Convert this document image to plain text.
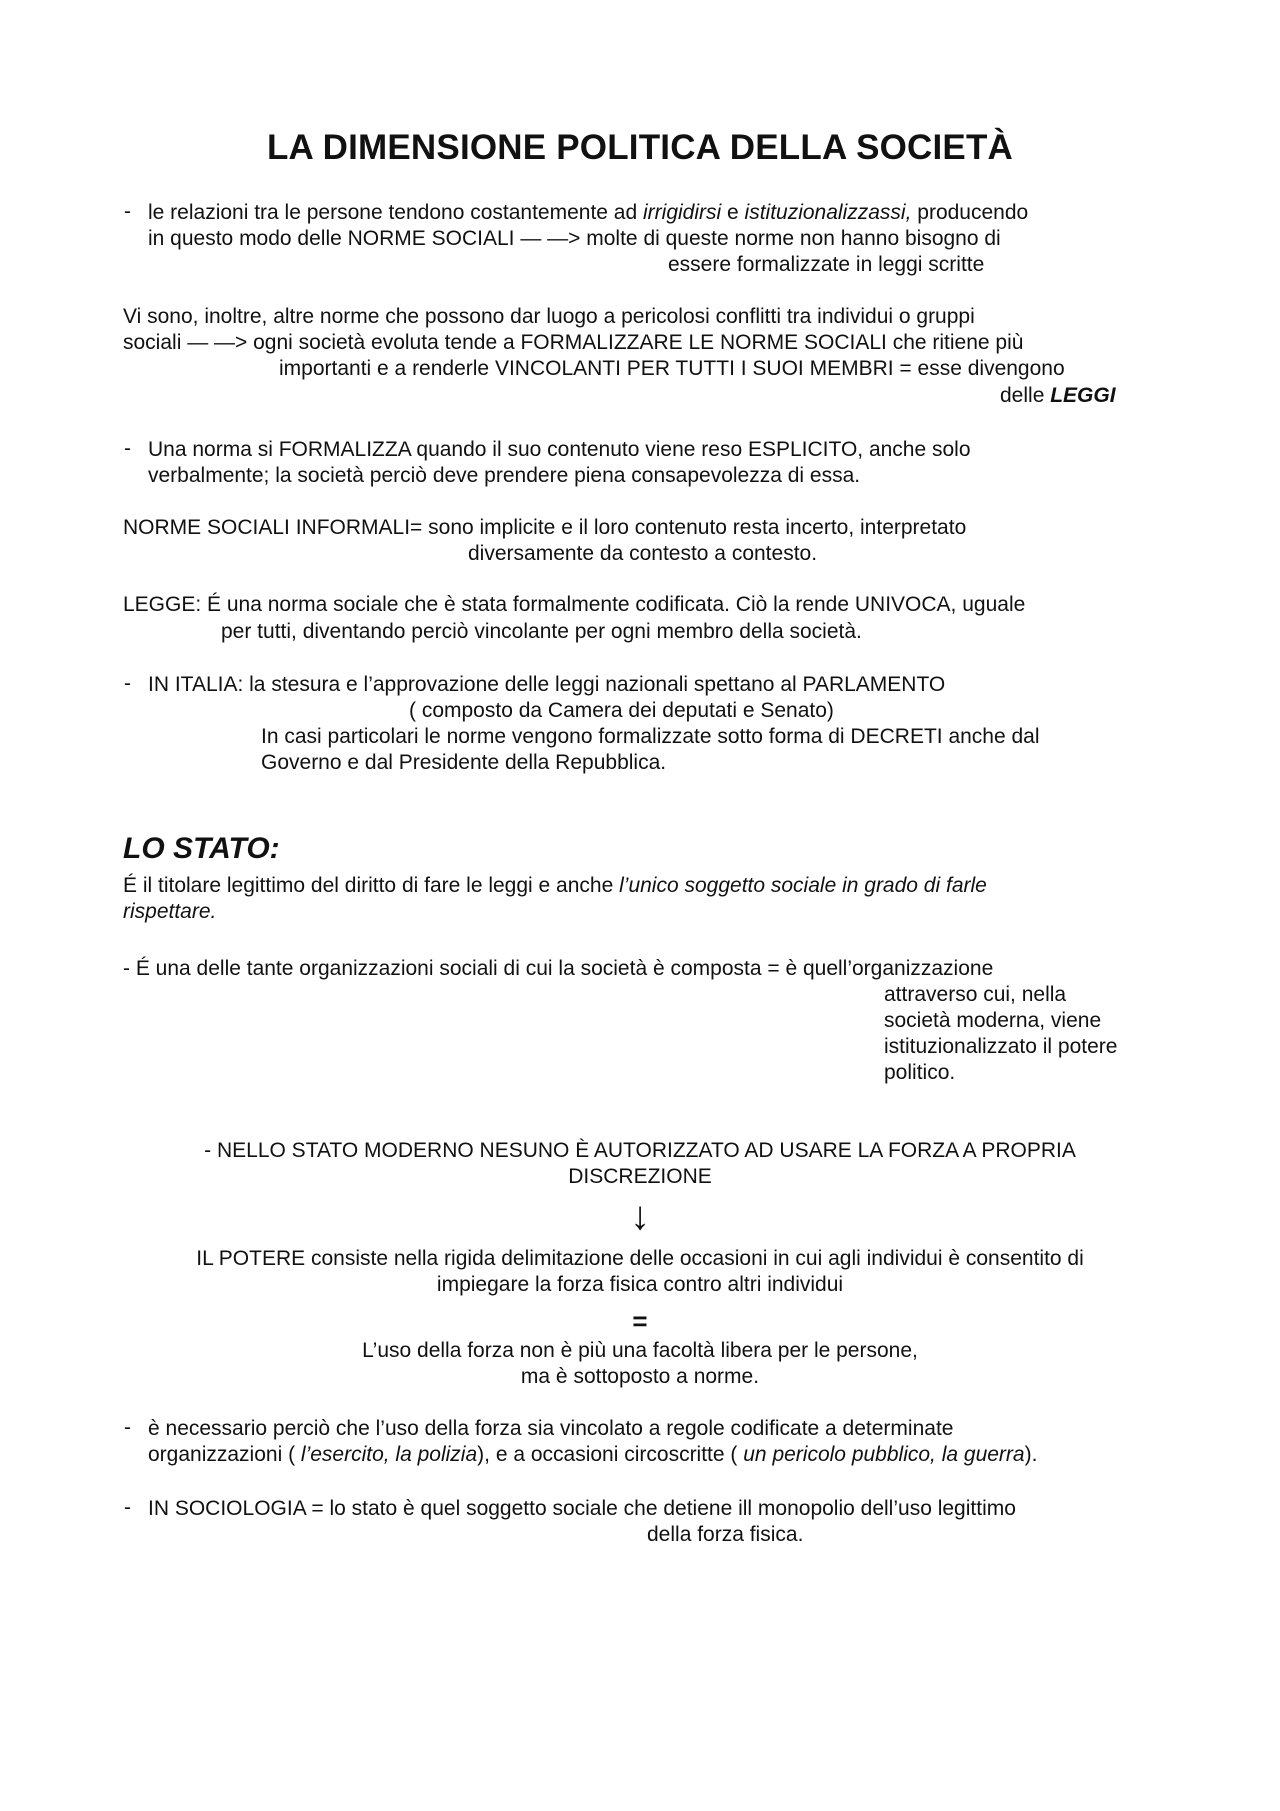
LA DIMENSIONE POLITICA DELLA SOCIETÀ
- le relazioni tra le persone tendono costantemente ad irrigidirsi e istituzionalizzassi, producendo
in questo modo delle NORME SOCIALI — —> molte di queste norme non hanno bisogno di
essere formalizzate in leggi scritte
Vi sono, inoltre, altre norme che possono dar luogo a pericolosi conflitti tra individui o gruppi
sociali — —> ogni società evoluta tende a FORMALIZZARE LE NORME SOCIALI che ritiene più
importanti e a renderle VINCOLANTI PER TUTTI I SUOI MEMBRI = esse divengono
delle LEGGI
- Una norma si FORMALIZZA quando il suo contenuto viene reso ESPLICITO, anche solo
verbalmente; la società perciò deve prendere piena consapevolezza di essa.
NORME SOCIALI INFORMALI= sono implicite e il loro contenuto resta incerto, interpretato
diversamente da contesto a contesto.
LEGGE: É una norma sociale che è stata formalmente codificata. Ciò la rende UNIVOCA, uguale
per tutti, diventando perciò vincolante per ogni membro della società.
- IN ITALIA: la stesura e l’approvazione delle leggi nazionali spettano al PARLAMENTO
( composto da Camera dei deputati e Senato)
In casi particolari le norme vengono formalizzate sotto forma di DECRETI anche dal
Governo e dal Presidente della Repubblica.
LO STATO:
É il titolare legittimo del diritto di fare le leggi e anche l’unico soggetto sociale in grado di farle
rispettare.
- É una delle tante organizzazioni sociali di cui la società è composta = è quell’organizzazione
attraverso cui, nella
società moderna, viene
istituzionalizzato il potere
politico.
- NELLO STATO MODERNO NESUNO È AUTORIZZATO AD USARE LA FORZA A PROPRIA
DISCREZIONE
↓
IL POTERE consiste nella rigida delimitazione delle occasioni in cui agli individui è consentito di
impiegare la forza fisica contro altri individui
=
L’uso della forza non è più una facoltà libera per le persone,
ma è sottoposto a norme.
- è necessario perciò che l’uso della forza sia vincolato a regole codificate a determinate
organizzazioni ( l’esercito, la polizia), e a occasioni circoscritte ( un pericolo pubblico, la guerra).
- IN SOCIOLOGIA = lo stato è quel soggetto sociale che detiene ill monopolio dell’uso legittimo
della forza fisica.
